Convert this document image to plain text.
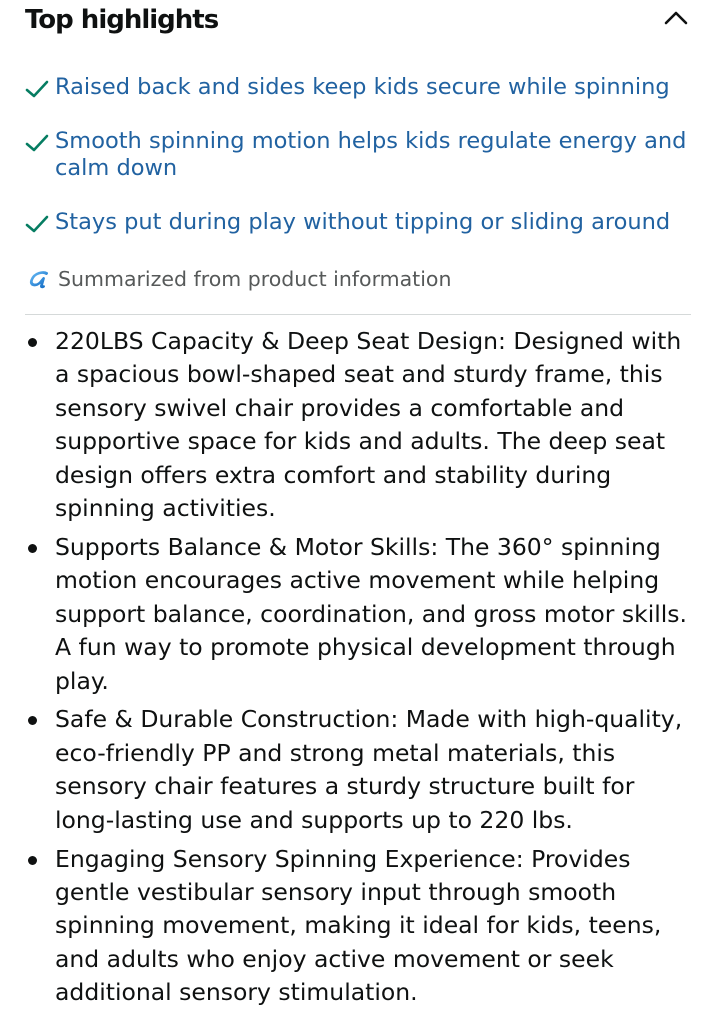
Top highlights
Raised back and sides keep kids secure while spinning
Smooth spinning motion helps kids regulate energy and calm down
Stays put during play without tipping or sliding around
Summarized from product information
220LBS Capacity & Deep Seat Design: Designed with a spacious bowl-shaped seat and sturdy frame, this sensory swivel chair provides a comfortable and supportive space for kids and adults. The deep seat design offers extra comfort and stability during spinning activities.
Supports Balance & Motor Skills: The 360° spinning motion encourages active movement while helping support balance, coordination, and gross motor skills. A fun way to promote physical development through play.
Safe & Durable Construction: Made with high-quality, eco-friendly PP and strong metal materials, this sensory chair features a sturdy structure built for long-lasting use and supports up to 220 lbs.
Engaging Sensory Spinning Experience: Provides gentle vestibular sensory input through smooth spinning movement, making it ideal for kids, teens, and adults who enjoy active movement or seek additional sensory stimulation.
